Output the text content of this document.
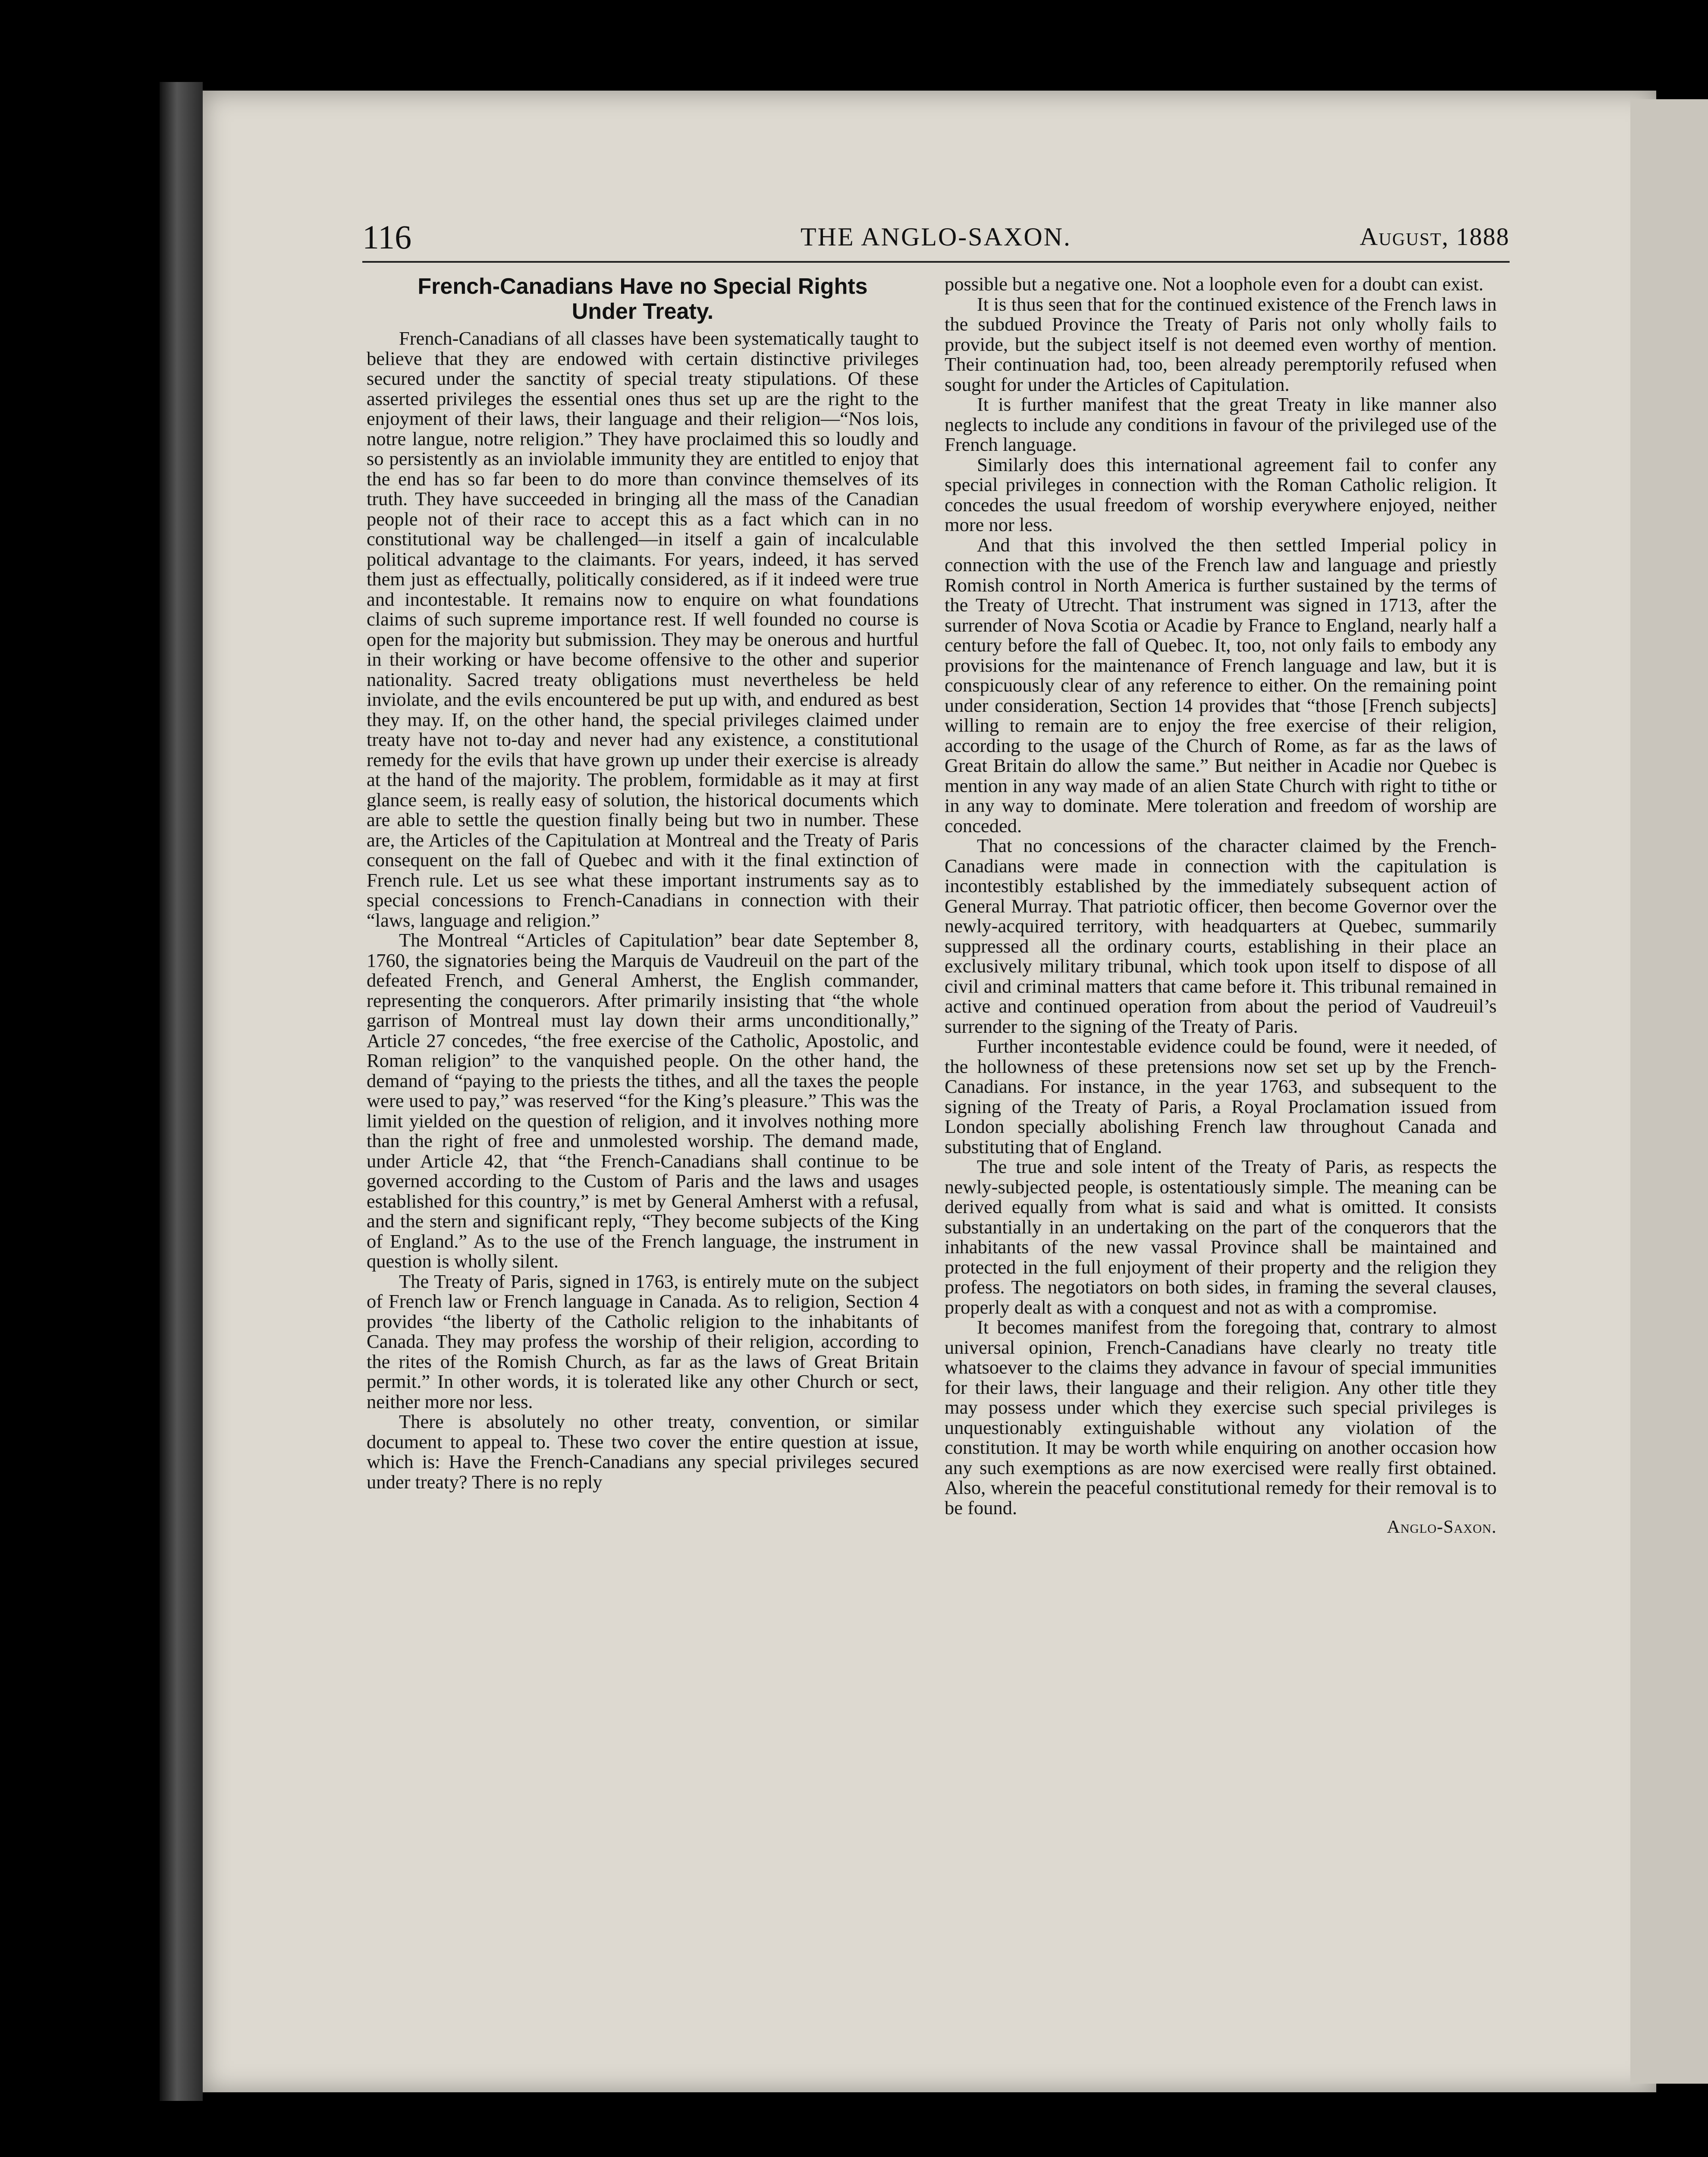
116	THE ANGLO-SAXON.	August, 1888
French-Canadians Have no Special Rights Under Treaty.

French-Canadians of all classes have been systematically taught to believe that they are endowed with certain distinctive privileges secured under the sanctity of special treaty stipulations. Of these asserted privileges the essential ones thus set up are the right to the enjoyment of their laws, their language and their religion—“Nos lois, notre langue, notre religion.” They have proclaimed this so loudly and so persistently as an inviolable immunity they are entitled to enjoy that the end has so far been to do more than convince themselves of its truth. They have succeeded in bringing all the mass of the Canadian people not of their race to accept this as a fact which can in no constitutional way be challenged—in itself a gain of incalculable political advantage to the claimants. For years, indeed, it has served them just as effectually, politically considered, as if it indeed were true and incontestable. It remains now to enquire on what foundations claims of such supreme importance rest. If well founded no course is open for the majority but submission. They may be onerous and hurtful in their working or have become offensive to the other and superior nationality. Sacred treaty obligations must nevertheless be held inviolate, and the evils encountered be put up with, and endured as best they may. If, on the other hand, the special privileges claimed under treaty have not to-day and never had any existence, a constitutional remedy for the evils that have grown up under their exercise is already at the hand of the majority. The problem, formidable as it may at first glance seem, is really easy of solution, the historical documents which are able to settle the question finally being but two in number. These are, the Articles of the Capitulation at Montreal and the Treaty of Paris consequent on the fall of Quebec and with it the final extinction of French rule. Let us see what these important instruments say as to special concessions to French-Canadians in connection with their “laws, language and religion.”

The Montreal “Articles of Capitulation” bear date September 8, 1760, the signatories being the Marquis de Vaudreuil on the part of the defeated French, and General Amherst, the English commander, representing the conquerors. After primarily insisting that “the whole garrison of Montreal must lay down their arms unconditionally,” Article 27 concedes, “the free exercise of the Catholic, Apostolic, and Roman religion” to the vanquished people. On the other hand, the demand of “paying to the priests the tithes, and all the taxes the people were used to pay,” was reserved “for the King’s pleasure.” This was the limit yielded on the question of religion, and it involves nothing more than the right of free and unmolested worship. The demand made, under Article 42, that “the French-Canadians shall continue to be governed according to the Custom of Paris and the laws and usages established for this country,” is met by General Amherst with a refusal, and the stern and significant reply, “They become subjects of the King of England.” As to the use of the French language, the instrument in question is wholly silent.

The Treaty of Paris, signed in 1763, is entirely mute on the subject of French law or French language in Canada. As to religion, Section 4 provides “the liberty of the Catholic religion to the inhabitants of Canada. They may profess the worship of their religion, according to the rites of the Romish Church, as far as the laws of Great Britain permit.” In other words, it is tolerated like any other Church or sect, neither more nor less.

There is absolutely no other treaty, convention, or similar document to appeal to. These two cover the entire question at issue, which is: Have the French-Canadians any special privileges secured under treaty? There is no reply

possible but a negative one. Not a loophole even for a doubt can exist.

It is thus seen that for the continued existence of the French laws in the subdued Province the Treaty of Paris not only wholly fails to provide, but the subject itself is not deemed even worthy of mention. Their continuation had, too, been already peremptorily refused when sought for under the Articles of Capitulation.

It is further manifest that the great Treaty in like manner also neglects to include any conditions in favour of the privileged use of the French language.

Similarly does this international agreement fail to confer any special privileges in connection with the Roman Catholic religion. It concedes the usual freedom of worship everywhere enjoyed, neither more nor less.

And that this involved the then settled Imperial policy in connection with the use of the French law and language and priestly Romish control in North America is further sustained by the terms of the Treaty of Utrecht. That instrument was signed in 1713, after the surrender of Nova Scotia or Acadie by France to England, nearly half a century before the fall of Quebec. It, too, not only fails to embody any provisions for the maintenance of French language and law, but it is conspicuously clear of any reference to either. On the remaining point under consideration, Section 14 provides that “those [French subjects] willing to remain are to enjoy the free exercise of their religion, according to the usage of the Church of Rome, as far as the laws of Great Britain do allow the same.” But neither in Acadie nor Quebec is mention in any way made of an alien State Church with right to tithe or in any way to dominate. Mere toleration and freedom of worship are conceded.

That no concessions of the character claimed by the French-Canadians were made in connection with the capitulation is incontestibly established by the immediately subsequent action of General Murray. That patriotic officer, then become Governor over the newly-acquired territory, with headquarters at Quebec, summarily suppressed all the ordinary courts, establishing in their place an exclusively military tribunal, which took upon itself to dispose of all civil and criminal matters that came before it. This tribunal remained in active and continued operation from about the period of Vaudreuil’s surrender to the signing of the Treaty of Paris.

Further incontestable evidence could be found, were it needed, of the hollowness of these pretensions now set set up by the French-Canadians. For instance, in the year 1763, and subsequent to the signing of the Treaty of Paris, a Royal Proclamation issued from London specially abolishing French law throughout Canada and substituting that of England.

The true and sole intent of the Treaty of Paris, as respects the newly-subjected people, is ostentatiously simple. The meaning can be derived equally from what is said and what is omitted. It consists substantially in an undertaking on the part of the conquerors that the inhabitants of the new vassal Province shall be maintained and protected in the full enjoyment of their property and the religion they profess. The negotiators on both sides, in framing the several clauses, properly dealt as with a conquest and not as with a compromise.

It becomes manifest from the foregoing that, contrary to almost universal opinion, French-Canadians have clearly no treaty title whatsoever to the claims they advance in favour of special immunities for their laws, their language and their religion. Any other title they may possess under which they exercise such special privileges is unquestionably extinguishable without any violation of the constitution. It may be worth while enquiring on another occasion how any such exemptions as are now exercised were really first obtained. Also, wherein the peaceful constitutional remedy for their removal is to be found.

Anglo-Saxon.
